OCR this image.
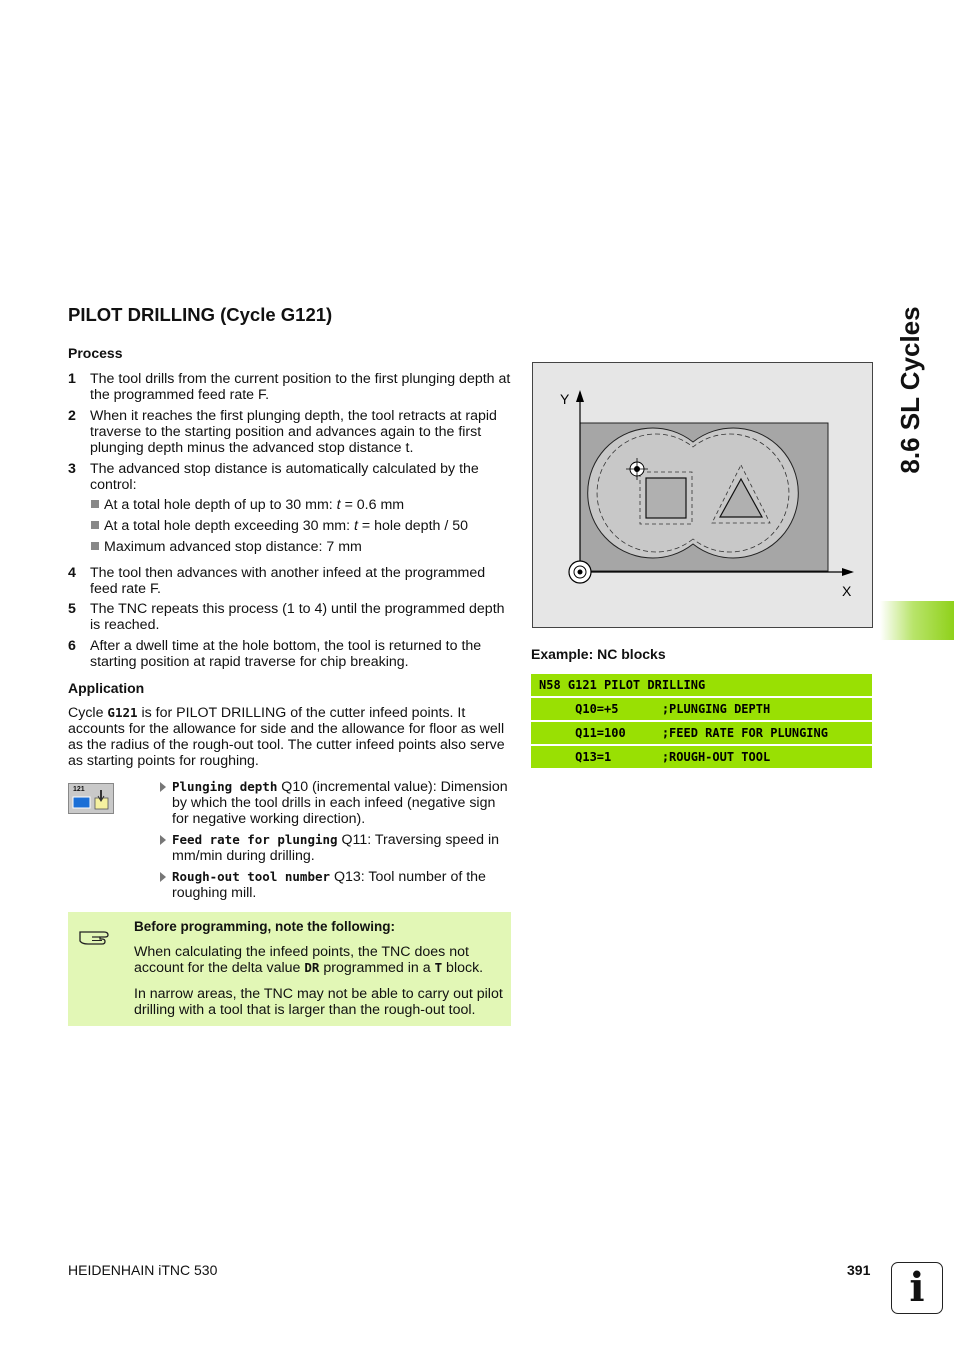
8.6 SL Cycles
PILOT DRILLING (Cycle G121)
Process
1 The tool drills from the current position to the first plunging depth at the programmed feed rate F.
2 When it reaches the first plunging depth, the tool retracts at rapid traverse to the starting position and advances again to the first plunging depth minus the advanced stop distance t.
3 The advanced stop distance is automatically calculated by the control:
At a total hole depth of up to 30 mm: t = 0.6 mm
At a total hole depth exceeding 30 mm: t = hole depth / 50
Maximum advanced stop distance: 7 mm
4 The tool then advances with another infeed at the programmed feed rate F.
5 The TNC repeats this process (1 to 4) until the programmed depth is reached.
6 After a dwell time at the hole bottom, the tool is returned to the starting position at rapid traverse for chip breaking.
Application
Cycle G121 is for PILOT DRILLING of the cutter infeed points. It accounts for the allowance for side and the allowance for floor as well as the radius of the rough-out tool. The cutter infeed points also serve as starting points for roughing.
121	Plunging depth Q10 (incremental value): Dimension by which the tool drills in each infeed (negative sign for negative working direction).
Feed rate for plunging Q11: Traversing speed in mm/min during drilling.
Rough-out tool number Q13: Tool number of the roughing mill.
Before programming, note the following:
When calculating the infeed points, the TNC does not account for the delta value DR programmed in a T block.
In narrow areas, the TNC may not be able to carry out pilot drilling with a tool that is larger than the rough-out tool.
Y
X
Example: NC blocks
N58 G121 PILOT DRILLING
Q10=+5      ;PLUNGING DEPTH
Q11=100     ;FEED RATE FOR PLUNGING
Q13=1       ;ROUGH-OUT TOOL
HEIDENHAIN iTNC 530	391 i
